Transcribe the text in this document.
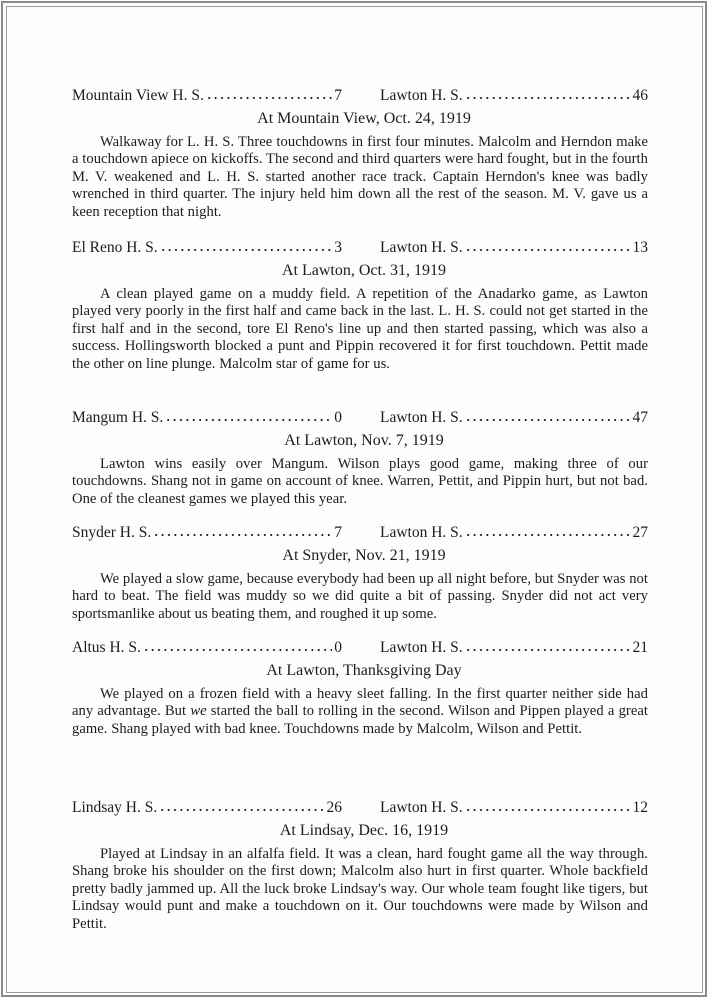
Mountain View H. S.	7 Lawton H. S.	46
At Mountain View, Oct. 24, 1919

Walkaway for L. H. S. Three touchdowns in first four minutes. Malcolm and Herndon make a touchdown apiece on kickoffs. The second and third quarters were hard fought, but in the fourth M. V. weakened and L. H. S. started another race track. Captain Herndon's knee was badly wrenched in third quarter. The injury held him down all the rest of the season. M. V. gave us a keen reception that night.

El Reno H. S.	3 Lawton H. S.	13
At Lawton, Oct. 31, 1919

A clean played game on a muddy field. A repetition of the Anadarko game, as Lawton played very poorly in the first half and came back in the last. L. H. S. could not get started in the first half and in the second, tore El Reno's line up and then started passing, which was also a success. Hollingsworth blocked a punt and Pippin recovered it for first touchdown. Pettit made the other on line plunge. Malcolm star of game for us.

Mangum H. S.	0 Lawton H. S.	47
At Lawton, Nov. 7, 1919

Lawton wins easily over Mangum. Wilson plays good game, making three of our touchdowns. Shang not in game on account of knee. Warren, Pettit, and Pippin hurt, but not bad. One of the cleanest games we played this year.

Snyder H. S.	7 Lawton H. S.	27
At Snyder, Nov. 21, 1919

We played a slow game, because everybody had been up all night before, but Snyder was not hard to beat. The field was muddy so we did quite a bit of passing. Snyder did not act very sportsmanlike about us beating them, and roughed it up some.

Altus H. S.	0 Lawton H. S.	21
At Lawton, Thanksgiving Day

We played on a frozen field with a heavy sleet falling. In the first quarter neither side had any advantage. But we started the ball to rolling in the second. Wilson and Pippen played a great game. Shang played with bad knee. Touchdowns made by Malcolm, Wilson and Pettit.

Lindsay H. S.	26 Lawton H. S.	12
At Lindsay, Dec. 16, 1919

Played at Lindsay in an alfalfa field. It was a clean, hard fought game all the way through. Shang broke his shoulder on the first down; Malcolm also hurt in first quarter. Whole backfield pretty badly jammed up. All the luck broke Lindsay's way. Our whole team fought like tigers, but Lindsay would punt and make a touchdown on it. Our touchdowns were made by Wilson and Pettit.
